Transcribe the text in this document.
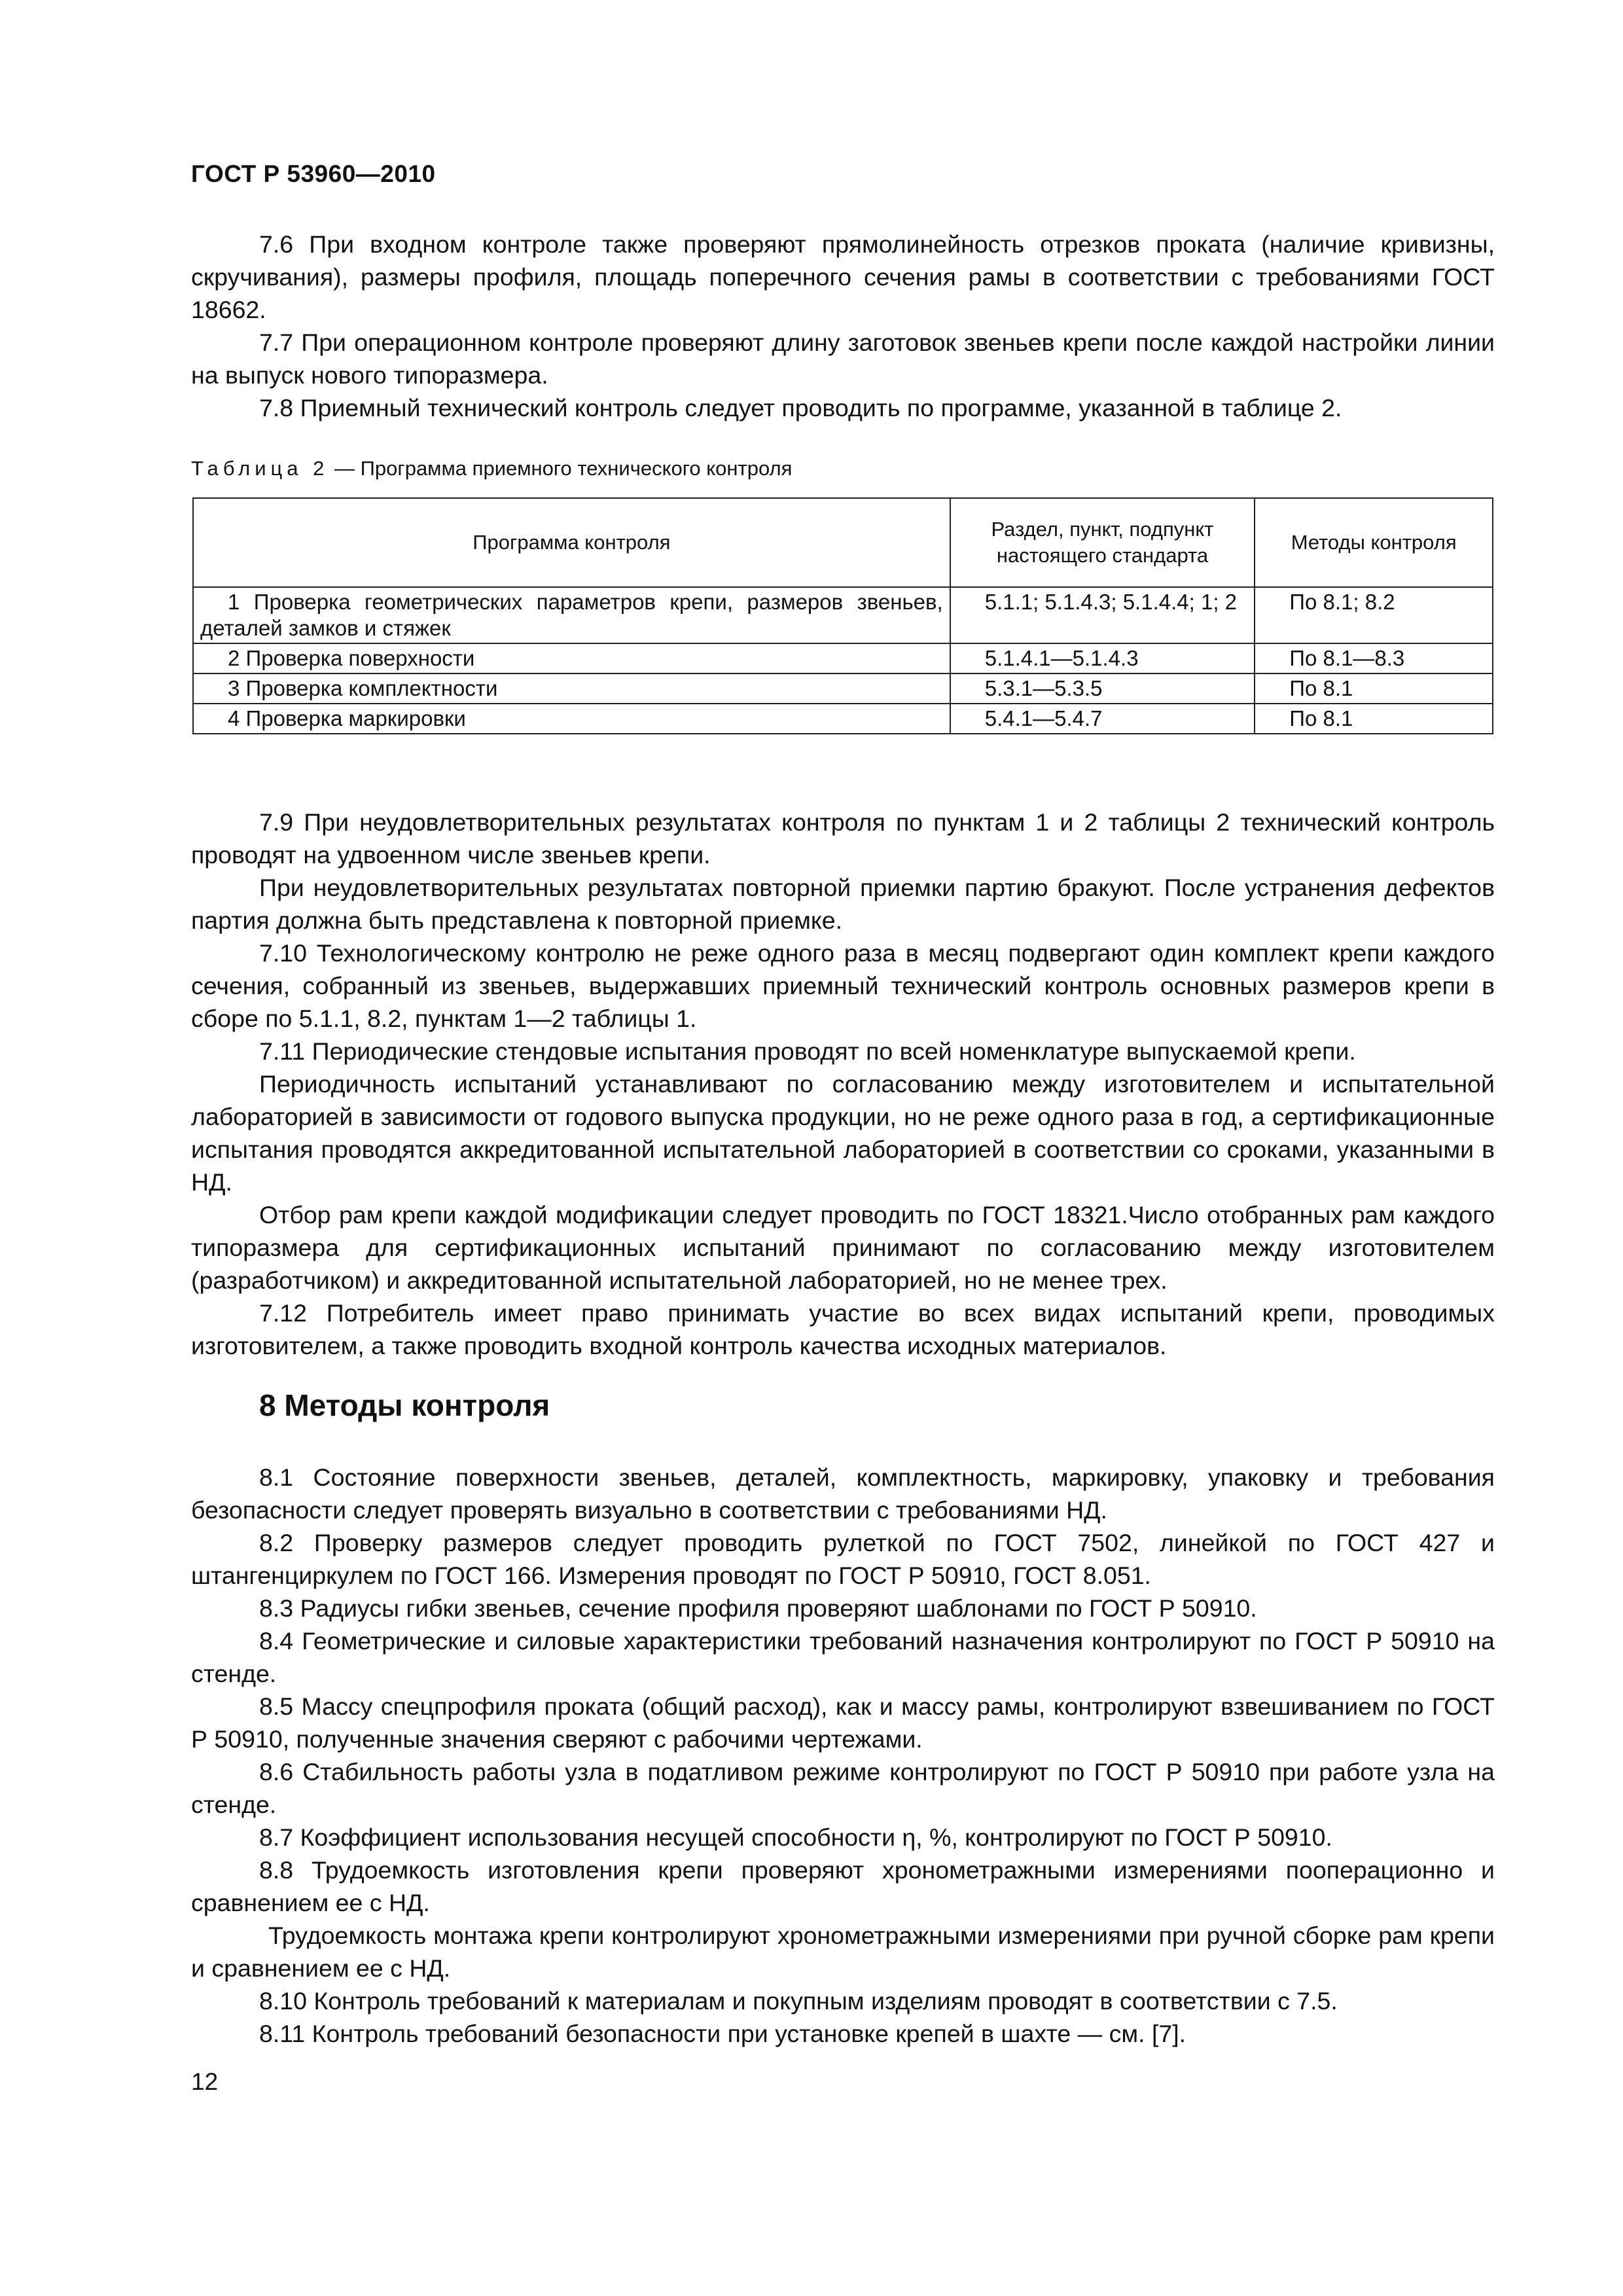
ГОСТ Р 53960—2010

7.6 При входном контроле также проверяют прямолинейность отрезков проката (наличие кривизны, скручивания), размеры профиля, площадь поперечного сечения рамы в соответствии с требованиями ГОСТ 18662.

7.7 При операционном контроле проверяют длину заготовок звеньев крепи после каждой настройки линии на выпуск нового типоразмера.

7.8 Приемный технический контроль следует проводить по программе, указанной в таблице 2.

Таблица 2 — Программа приемного технического контроля
Программа контроля	Раздел, пункт, подпункт настоящего стандарта	Методы контроля

1 Проверка геометрических параметров крепи, размеров звеньев, деталей замков и стяжек	5.1.1; 5.1.4.3; 5.1.4.4; 1; 2	По 8.1; 8.2

2 Проверка поверхности	5.1.4.1—5.1.4.3	По 8.1—8.3

3 Проверка комплектности	5.3.1—5.3.5	По 8.1

4 Проверка маркировки	5.4.1—5.4.7	По 8.1

7.9 При неудовлетворительных результатах контроля по пунктам 1 и 2 таблицы 2 технический контроль проводят на удвоенном числе звеньев крепи.

При неудовлетворительных результатах повторной приемки партию бракуют. После устранения дефектов партия должна быть представлена к повторной приемке.

7.10 Технологическому контролю не реже одного раза в месяц подвергают один комплект крепи каждого сечения, собранный из звеньев, выдержавших приемный технический контроль основных размеров крепи в сборе по 5.1.1, 8.2, пунктам 1—2 таблицы 1.

7.11 Периодические стендовые испытания проводят по всей номенклатуре выпускаемой крепи.

Периодичность испытаний устанавливают по согласованию между изготовителем и испытательной лабораторией в зависимости от годового выпуска продукции, но не реже одного раза в год, а сертификационные испытания проводятся аккредитованной испытательной лабораторией в соответствии со сроками, указанными в НД.

Отбор рам крепи каждой модификации следует проводить по ГОСТ 18321.Число отобранных рам каждого типоразмера для сертификационных испытаний принимают по согласованию между изготовителем (разработчиком) и аккредитованной испытательной лабораторией, но не менее трех.

7.12 Потребитель имеет право принимать участие во всех видах испытаний крепи, проводимых изготовителем, а также проводить входной контроль качества исходных материалов.

8 Методы контроля

8.1 Состояние поверхности звеньев, деталей, комплектность, маркировку, упаковку и требования безопасности следует проверять визуально в соответствии с требованиями НД.

8.2 Проверку размеров следует проводить рулеткой по ГОСТ 7502, линейкой по ГОСТ 427 и штангенциркулем по ГОСТ 166. Измерения проводят по ГОСТ Р 50910, ГОСТ 8.051.

8.3 Радиусы гибки звеньев, сечение профиля проверяют шаблонами по ГОСТ Р 50910.

8.4 Геометрические и силовые характеристики требований назначения контролируют по ГОСТ Р 50910 на стенде.

8.5 Массу спецпрофиля проката (общий расход), как и массу рамы, контролируют взвешиванием по ГОСТ Р 50910, полученные значения сверяют с рабочими чертежами.

8.6 Стабильность работы узла в податливом режиме контролируют по ГОСТ Р 50910 при работе узла на стенде.

8.7 Коэффициент использования несущей способности η, %, контролируют по ГОСТ Р 50910.

8.8 Трудоемкость изготовления крепи проверяют хронометражными измерениями пооперационно и сравнением ее с НД.

Трудоемкость монтажа крепи контролируют хронометражными измерениями при ручной сборке рам крепи и сравнением ее с НД.

8.10 Контроль требований к материалам и покупным изделиям проводят в соответствии с 7.5.

8.11 Контроль требований безопасности при установке крепей в шахте — см. [7].

12
